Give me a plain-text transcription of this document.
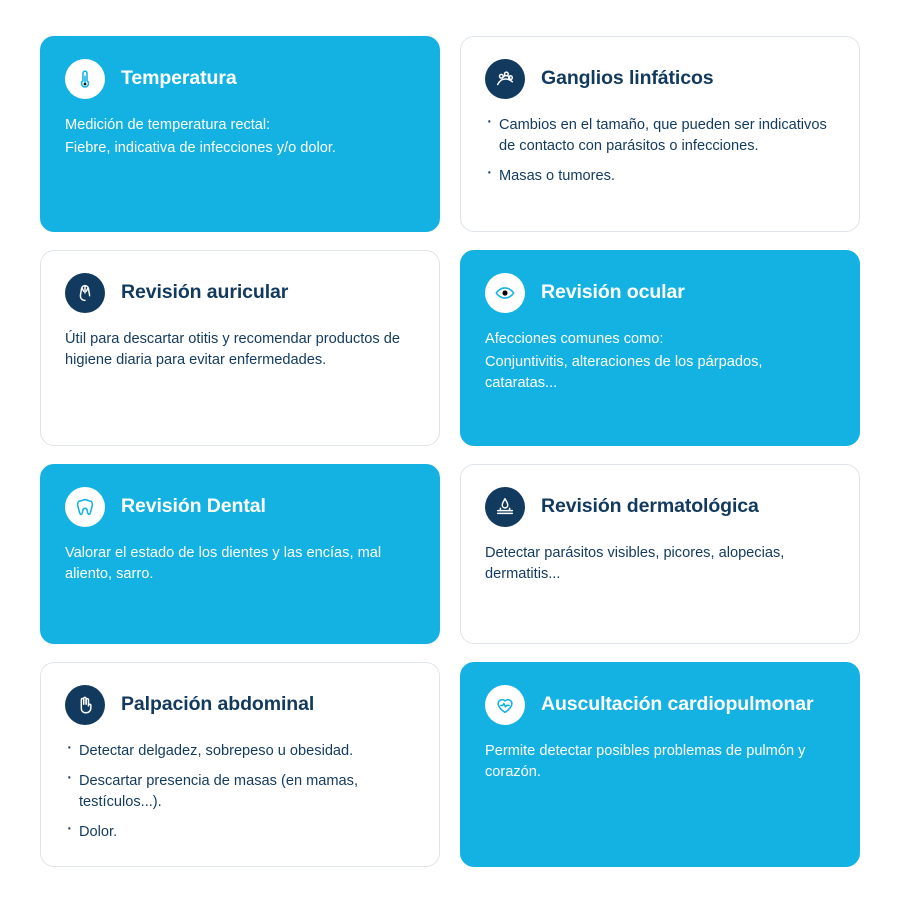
Temperatura

Medición de temperatura rectal:

Fiebre, indicativa de infecciones y/o dolor.

Ganglios linfáticos
· Cambios en el tamaño, que pueden ser indicativos de contacto con parásitos o infecciones.
· Masas o tumores.
Revisión auricular

Útil para descartar otitis y recomendar productos de higiene diaria para evitar enfermedades.

Revisión ocular

Afecciones comunes como:

Conjuntivitis, alteraciones de los párpados, cataratas...

Revisión Dental

Valorar el estado de los dientes y las encías, mal aliento, sarro.

Revisión dermatológica

Detectar parásitos visibles, picores, alopecias, dermatitis...

Palpación abdominal
· Detectar delgadez, sobrepeso u obesidad.
· Descartar presencia de masas (en mamas, testículos...).
· Dolor.
Auscultación cardiopulmonar

Permite detectar posibles problemas de pulmón y corazón.
